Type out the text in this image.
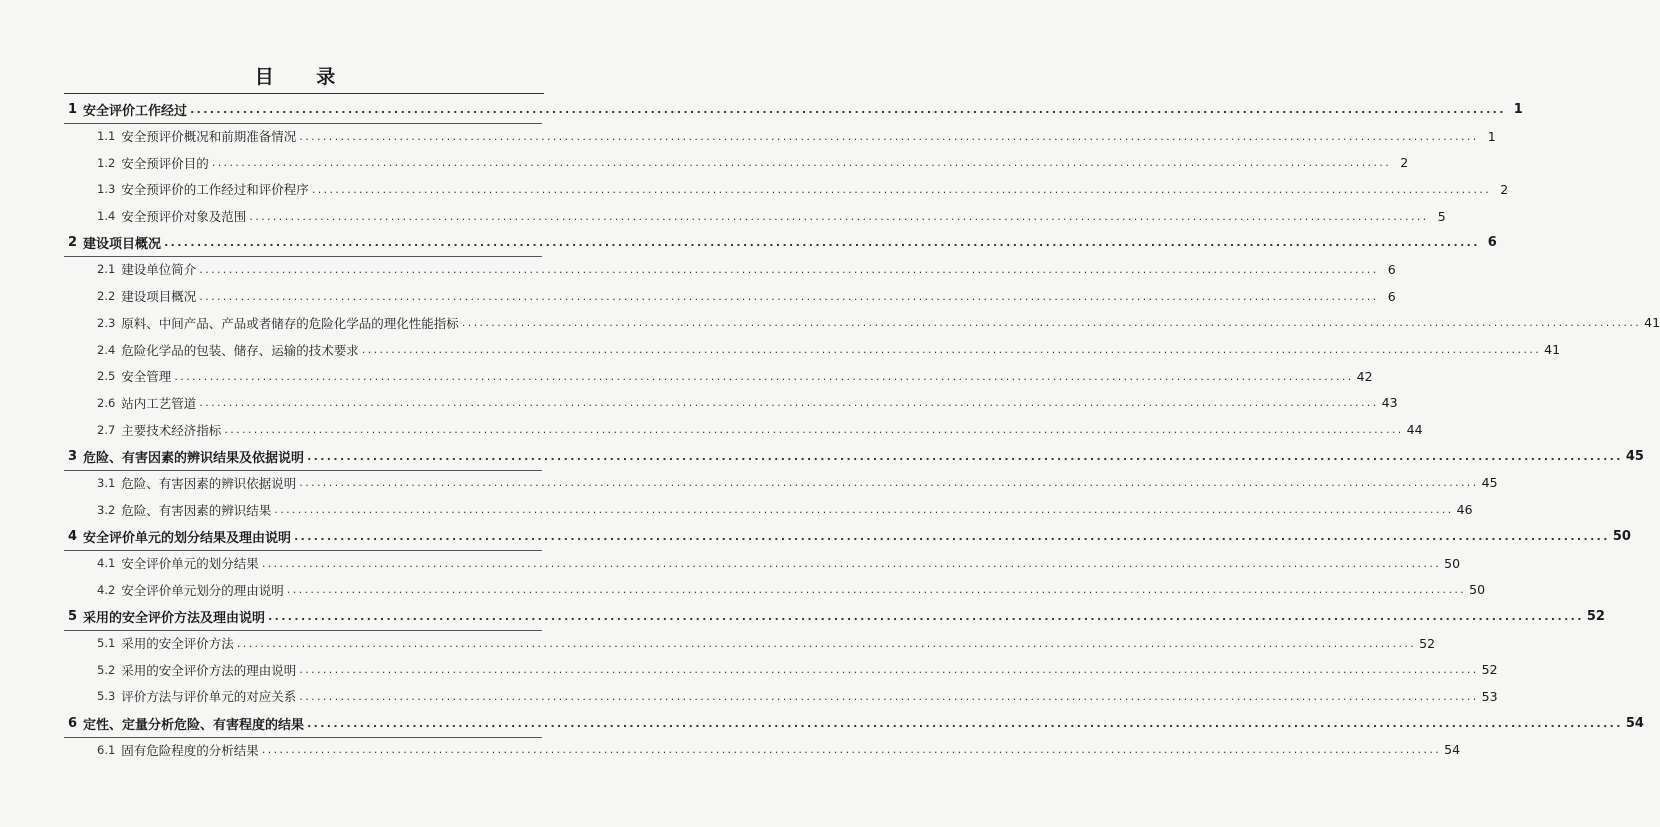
目 录
1 安全评价工作经过 ........................................................................................................................................................................................................ 1
1.1 安全预评价概况和前期准备情况 ........................................................................................................................................................................................................ 1
1.2 安全预评价目的 ........................................................................................................................................................................................................ 2
1.3 安全预评价的工作经过和评价程序 ........................................................................................................................................................................................................ 2
1.4 安全预评价对象及范围 ........................................................................................................................................................................................................ 5
2 建设项目概况 ........................................................................................................................................................................................................ 6
2.1 建设单位简介 ........................................................................................................................................................................................................ 6
2.2 建设项目概况 ........................................................................................................................................................................................................ 6
2.3 原料、中间产品、产品或者储存的危险化学品的理化性能指标 ........................................................................................................................................................................................................ 41
2.4 危险化学品的包装、储存、运输的技术要求 ........................................................................................................................................................................................................ 41
2.5 安全管理 ........................................................................................................................................................................................................ 42
2.6 站内工艺管道 ........................................................................................................................................................................................................ 43
2.7 主要技术经济指标 ........................................................................................................................................................................................................ 44
3 危险、有害因素的辨识结果及依据说明 ........................................................................................................................................................................................................ 45
3.1 危险、有害因素的辨识依据说明 ........................................................................................................................................................................................................ 45
3.2 危险、有害因素的辨识结果 ........................................................................................................................................................................................................ 46
4 安全评价单元的划分结果及理由说明 ........................................................................................................................................................................................................ 50
4.1 安全评价单元的划分结果 ........................................................................................................................................................................................................ 50
4.2 安全评价单元划分的理由说明 ........................................................................................................................................................................................................ 50
5 采用的安全评价方法及理由说明 ........................................................................................................................................................................................................ 52
5.1 采用的安全评价方法 ........................................................................................................................................................................................................ 52
5.2 采用的安全评价方法的理由说明 ........................................................................................................................................................................................................ 52
5.3 评价方法与评价单元的对应关系 ........................................................................................................................................................................................................ 53
6 定性、定量分析危险、有害程度的结果 ........................................................................................................................................................................................................ 54
6.1 固有危险程度的分析结果 ........................................................................................................................................................................................................ 54
